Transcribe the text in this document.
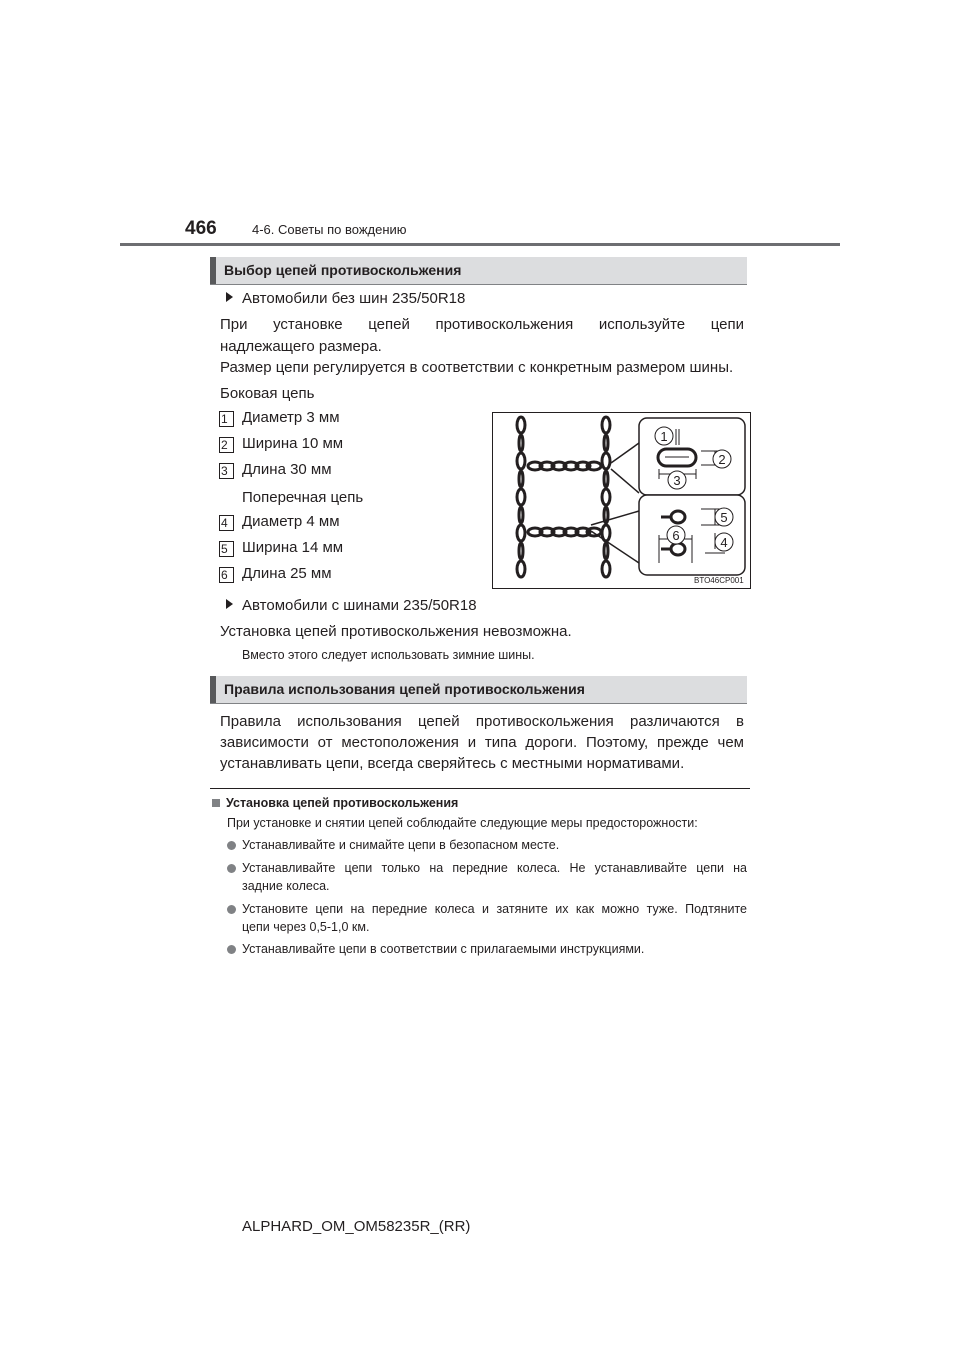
466	4-6. Советы по вождению
Выбор цепей противоскольжения
Автомобили без шин 235/50R18
При установке цепей противоскольжения используйте цепи
надлежащего размера.
Размер цепи регулируется в соответствии с конкретным размером шины.
Боковая цепь
1 Диаметр 3 мм
2 Ширина 10 мм
3 Длина 30 мм
Поперечная цепь
4 Диаметр 4 мм
5 Ширина 14 мм
6 Длина 25 мм
1
2
3
5
6	4
BTO46CP001
Автомобили с шинами 235/50R18
Установка цепей противоскольжения невозможна.
Вместо этого следует использовать зимние шины.
Правила использования цепей противоскольжения
Правила использования цепей противоскольжения различаются в
зависимости от местоположения и типа дороги. Поэтому, прежде чем
устанавливать цепи, всегда сверяйтесь с местными нормативами.
Установка цепей противоскольжения
При установке и снятии цепей соблюдайте следующие меры предосторожности:
Устанавливайте и снимайте цепи в безопасном месте.
Устанавливайте цепи только на передние колеса. Не устанавливайте цепи на
задние колеса.
Установите цепи на передние колеса и затяните их как можно туже. Подтяните
цепи через 0,5-1,0 км.
Устанавливайте цепи в соответствии с прилагаемыми инструкциями.
ALPHARD_OM_OM58235R_(RR)
